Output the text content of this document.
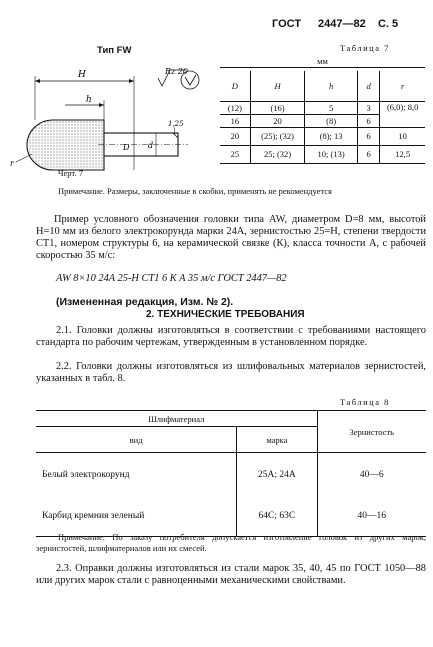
ГОСТ 2447—82 С. 5
Тип FW
Rz 20
1,25
d
D
r
H
h
Черт. 7
Таблица 7
мм
D	H	h	d	r
(12)	(16)	5	3	(6,0); 8,0
16	20	(8)	6	
20	(25); (32)	(8); 13	6	10
25	25; (32)	10; (13)	6	12,5
Примечание. Размеры, заключенные в скобки, применять не рекомендуется
Пример условного обозначения головки типа AW, диаметром D=8 мм, высотой H=10 мм из белого электрокорунда марки 24А, зернистостью 25=Н, степени твердости СТ1, номером структуры 6, на керамической связке (К), класса точности А, с рабочей скоростью 35 м/с:
AW 8×10 24A 25-H CT1 6 K A 35 м/с ГОСТ 2447—82
(Измененная редакция, Изм. № 2).
2. ТЕХНИЧЕСКИЕ ТРЕБОВАНИЯ
2.1. Головки должны изготовляться в соответствии с требованиями настоящего стандарта по рабочим чертежам, утвержденным в установленном порядке.
2.2. Головки должны изготовляться из шлифовальных материалов зернистостей, указанных в табл. 8.
Таблица 8
Шлифматериал		Зернистость
вид	марка	
Белый электрокорунд	25А; 24А	40—6
Карбид кремния зеленый	64С; 63С	40—16
Примечание. По заказу потребителя допускается изготовление головок из других марок, зернистостей, шлифматериалов или их смесей.
2.3. Оправки должны изготовляться из стали марок 35, 40, 45 по ГОСТ 1050—88 или других марок стали с равноценными механическими свойствами.
